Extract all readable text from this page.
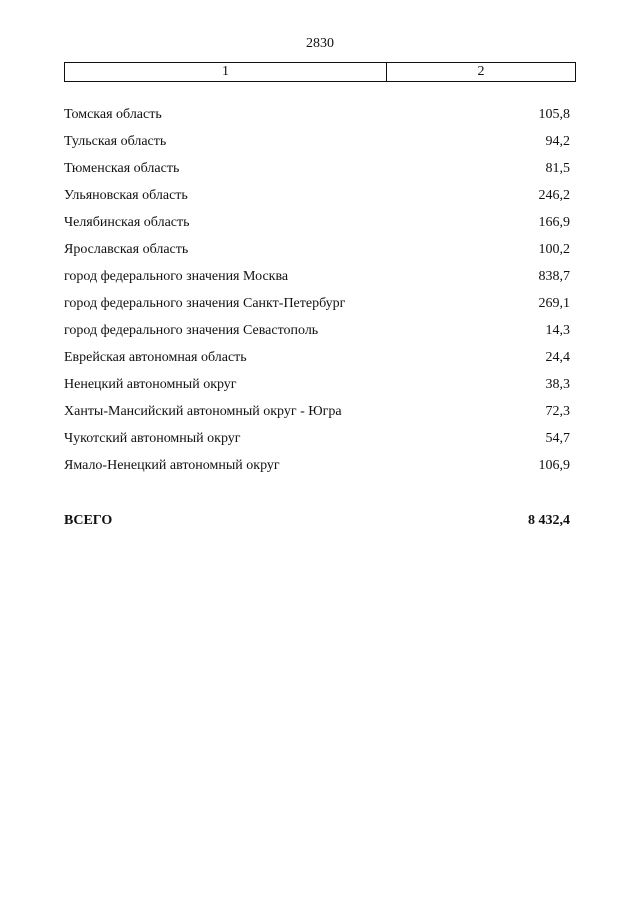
2830
1	2
Томская область	105,8
Тульская область	94,2
Тюменская область	81,5
Ульяновская область	246,2
Челябинская область	166,9
Ярославская область	100,2
город федерального значения Москва	838,7
город федерального значения Санкт-Петербург	269,1
город федерального значения Севастополь	14,3
Еврейская автономная область	24,4
Ненецкий автономный округ	38,3
Ханты-Мансийский автономный округ - Югра	72,3
Чукотский автономный округ	54,7
Ямало-Ненецкий автономный округ	106,9
ВСЕГО	8 432,4
